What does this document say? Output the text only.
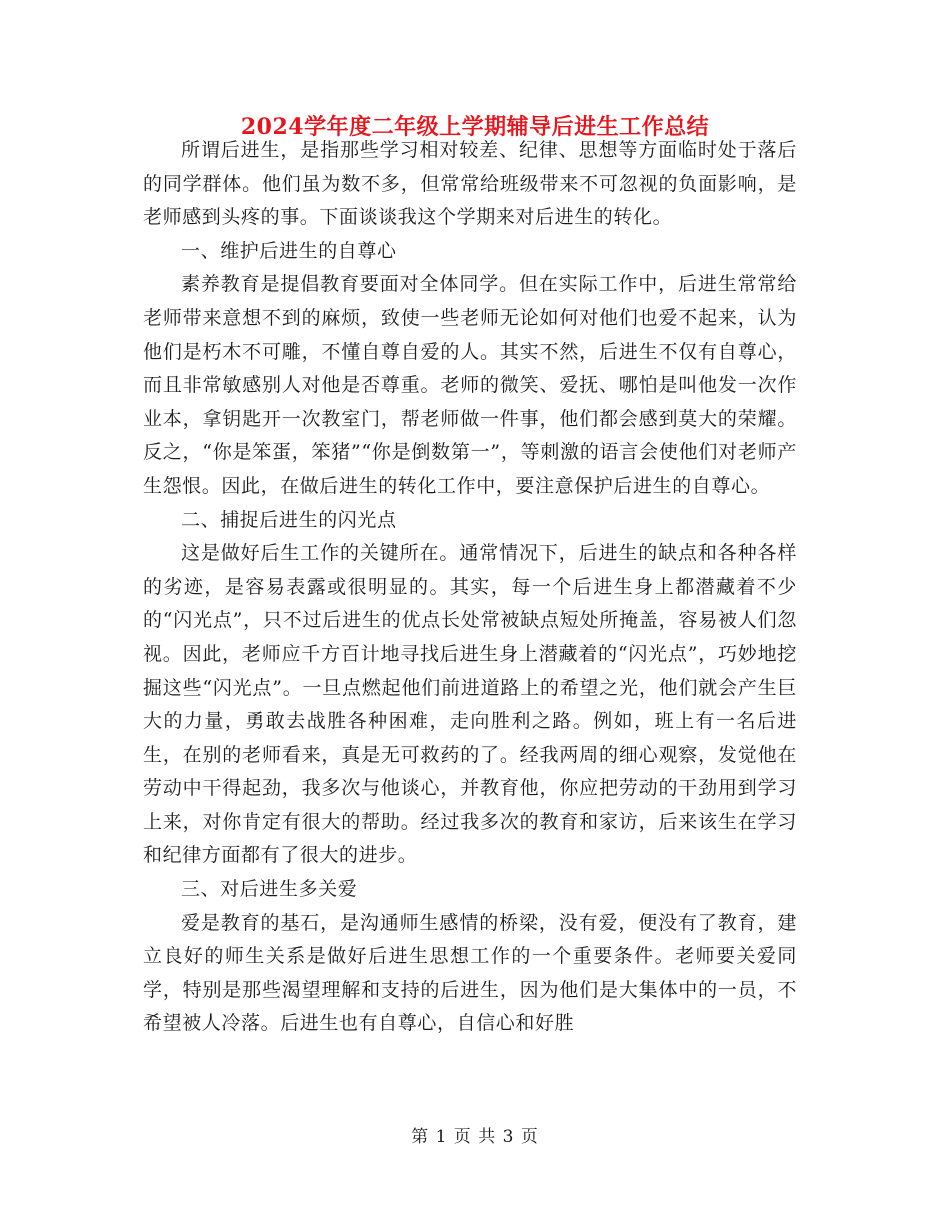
2024学年度二年级上学期辅导后进生工作总结

所谓后进生，是指那些学习相对较差、纪律、思想等方面临时处于落后的同学群体。他们虽为数不多，但常常给班级带来不可忽视的负面影响，是老师感到头疼的事。下面谈谈我这个学期来对后进生的转化。

一、维护后进生的自尊心

素养教育是提倡教育要面对全体同学。但在实际工作中，后进生常常给老师带来意想不到的麻烦，致使一些老师无论如何对他们也爱不起来，认为他们是朽木不可雕，不懂自尊自爱的人。其实不然，后进生不仅有自尊心，而且非常敏感别人对他是否尊重。老师的微笑、爱抚、哪怕是叫他发一次作业本，拿钥匙开一次教室门，帮老师做一件事，他们都会感到莫大的荣耀。反之，“你是笨蛋，笨猪”“你是倒数第一”，等刺激的语言会使他们对老师产生怨恨。因此，在做后进生的转化工作中，要注意保护后进生的自尊心。

二、捕捉后进生的闪光点

这是做好后生工作的关键所在。通常情况下，后进生的缺点和各种各样的劣迹，是容易表露或很明显的。其实，每一个后进生身上都潜藏着不少的“闪光点”，只不过后进生的优点长处常被缺点短处所掩盖，容易被人们忽视。因此，老师应千方百计地寻找后进生身上潜藏着的“闪光点”，巧妙地挖掘这些“闪光点”。一旦点燃起他们前进道路上的希望之光，他们就会产生巨大的力量，勇敢去战胜各种困难，走向胜利之路。例如，班上有一名后进生，在别的老师看来，真是无可救药的了。经我两周的细心观察，发觉他在劳动中干得起劲，我多次与他谈心，并教育他，你应把劳动的干劲用到学习上来，对你肯定有很大的帮助。经过我多次的教育和家访，后来该生在学习和纪律方面都有了很大的进步。

三、对后进生多关爱

爱是教育的基石，是沟通师生感情的桥梁，没有爱，便没有了教育，建立良好的师生关系是做好后进生思想工作的一个重要条件。老师要关爱同学，特别是那些渴望理解和支持的后进生，因为他们是大集体中的一员，不希望被人冷落。后进生也有自尊心，自信心和好胜

第 1 页 共 3 页
